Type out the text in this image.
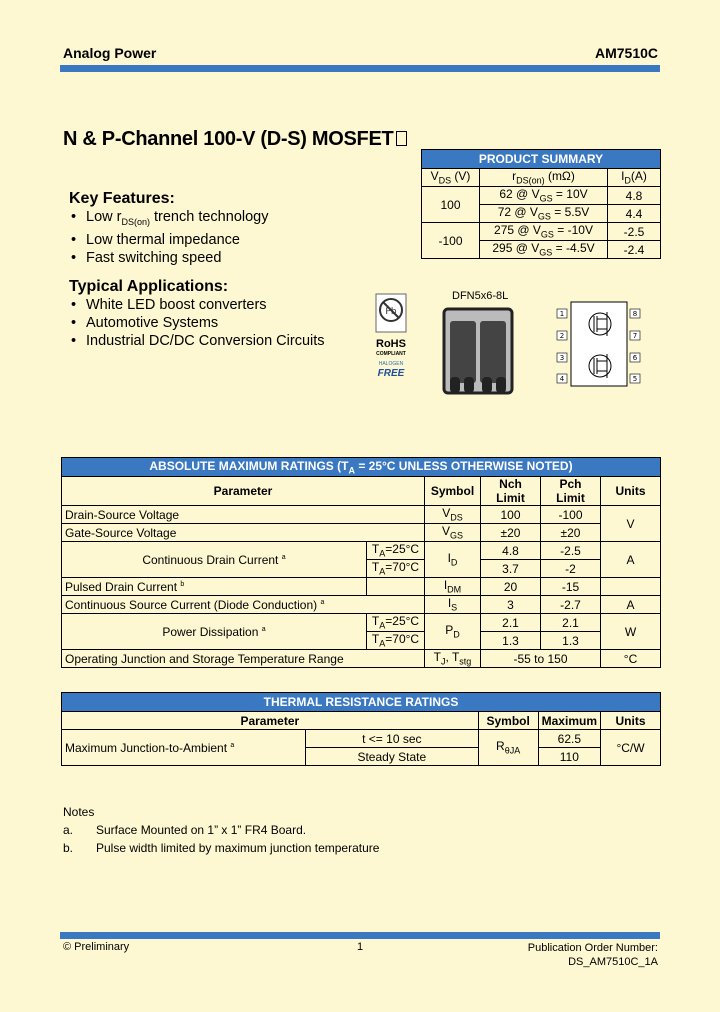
Analog Power	AM7510C
N & P-Channel 100-V (D-S) MOSFET
PRODUCT SUMMARY		
$V_{DS}$ (V)	$r_{DS(on)}$ (mΩ)	$I_D(A)$
100	62 @ $V_{GS} = 10V$	4.8
	72 @ $V_{GS} = 5.5V$	4.4
-100	275 @ $V_{GS} = -10V$	-2.5
	295 @ $V_{GS} = -4.5V$	-2.4
Key Features:
• Low $r_{DS(on)}$ trench technology
• Low thermal impedance
• Fast switching speed
Typical Applications:
• White LED boost converters
• Automotive Systems
• Industrial DC/DC Conversion Circuits
Pb
RoHS
COMPLIANT
HALOGEN
FREE
DFN5x6-8L
1
2
3
4
8
7
6
5
ABSOLUTE MAXIMUM RATINGS ($T_A = 25^\circ C$ UNLESS OTHERWISE NOTED)					
Parameter		Symbol	Nch Limit	Pch Limit	Units
Drain-Source Voltage		$V_{DS}$	100	-100	V
Gate-Source Voltage		$V_{GS}$	±20	±20	
Continuous Drain Current $^a$	$T_A=25^\circ C$	$I_D$	4.8	-2.5	A
	$T_A=70^\circ C$		3.7	-2	
Pulsed Drain Current $^b$		$I_{DM}$	20	-15	
Continuous Source Current (Diode Conduction) $^a$		$I_S$	3	-2.7	A
Power Dissipation $^a$	$T_A=25^\circ C$	$P_D$	2.1	2.1	W
	$T_A=70^\circ C$		1.3	1.3	
Operating Junction and Storage Temperature Range		$T_J$, $T_{stg}$	-55 to 150		°C
THERMAL RESISTANCE RATINGS				
Parameter		Symbol	Maximum	Units
Maximum Junction-to-Ambient $^a$	t <= 10 sec	$R_{\theta JA}$	62.5	°C/W
	Steady State		110	
Notes
a. Surface Mounted on 1” x 1” FR4 Board.
b. Pulse width limited by maximum junction temperature
© Preliminary	1	Publication Order Number:
DS_AM7510C_1A
